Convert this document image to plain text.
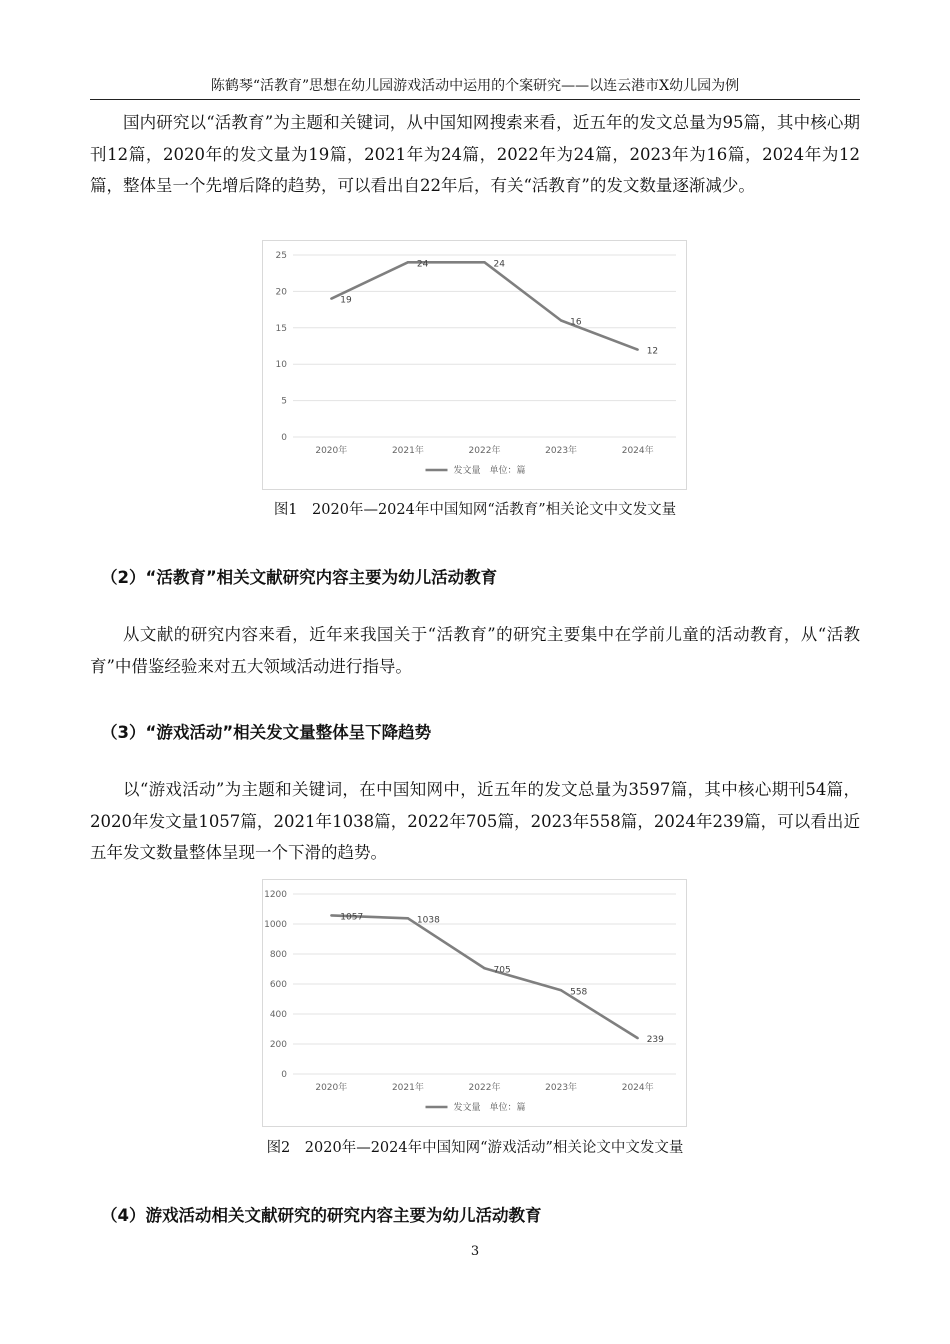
陈鹤琴“活教育”思想在幼儿园游戏活动中运用的个案研究——以连云港市X幼儿园为例

国内研究以“活教育”为主题和关键词，从中国知网搜索来看，近五年的发文总量为95篇，其中核心期刊12篇，2020年的发文量为19篇，2021年为24篇，2022年为24篇，2023年为16篇，2024年为12篇，整体呈一个先增后降的趋势，可以看出自22年后，有关“活教育”的发文数量逐渐减少。

0
5
10
15
20
25
2020年	2021年	2022年	2023年	2024年
19
24	24
16
12
发文量　单位：篇
图1　2020年—2024年中国知网“活教育”相关论文中文发文量
（2）“活教育”相关文献研究内容主要为幼儿活动教育

从文献的研究内容来看，近年来我国关于“活教育”的研究主要集中在学前儿童的活动教育，从“活教育”中借鉴经验来对五大领域活动进行指导。

（3）“游戏活动”相关发文量整体呈下降趋势

以“游戏活动”为主题和关键词，在中国知网中，近五年的发文总量为3597篇，其中核心期刊54篇，2020年发文量1057篇，2021年1038篇，2022年705篇，2023年558篇，2024年239篇，可以看出近五年发文数量整体呈现一个下滑的趋势。

0
200
400
600
800
1000
1200
2020年	2021年	2022年	2023年	2024年
1057	1038
705
558
239
发文量　单位：篇
图2　2020年—2024年中国知网“游戏活动”相关论文中文发文量
（4）游戏活动相关文献研究的研究内容主要为幼儿活动教育
3
